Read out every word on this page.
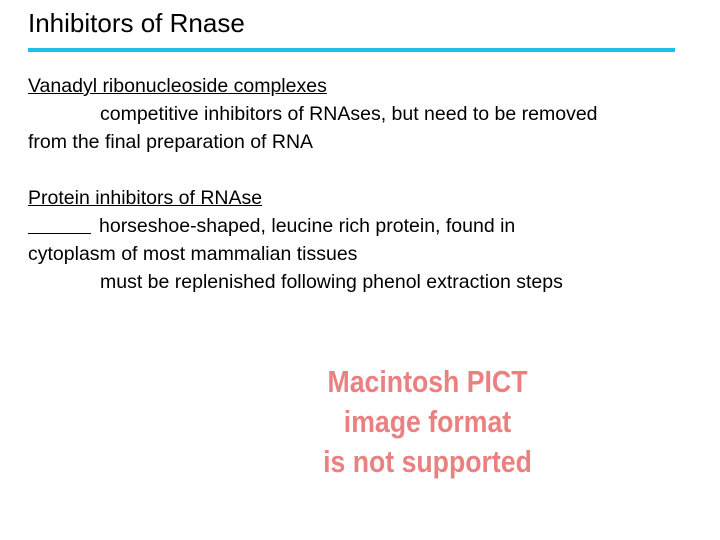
Inhibitors of Rnase
Vanadyl ribonucleoside complexes
competitive inhibitors of RNAses, but need to be removed
from the final preparation of RNA
Protein inhibitors of RNAse
horseshoe-shaped, leucine rich protein, found in
cytoplasm of most mammalian tissues
must be replenished following phenol extraction steps
Macintosh PICT
image format
is not supported
